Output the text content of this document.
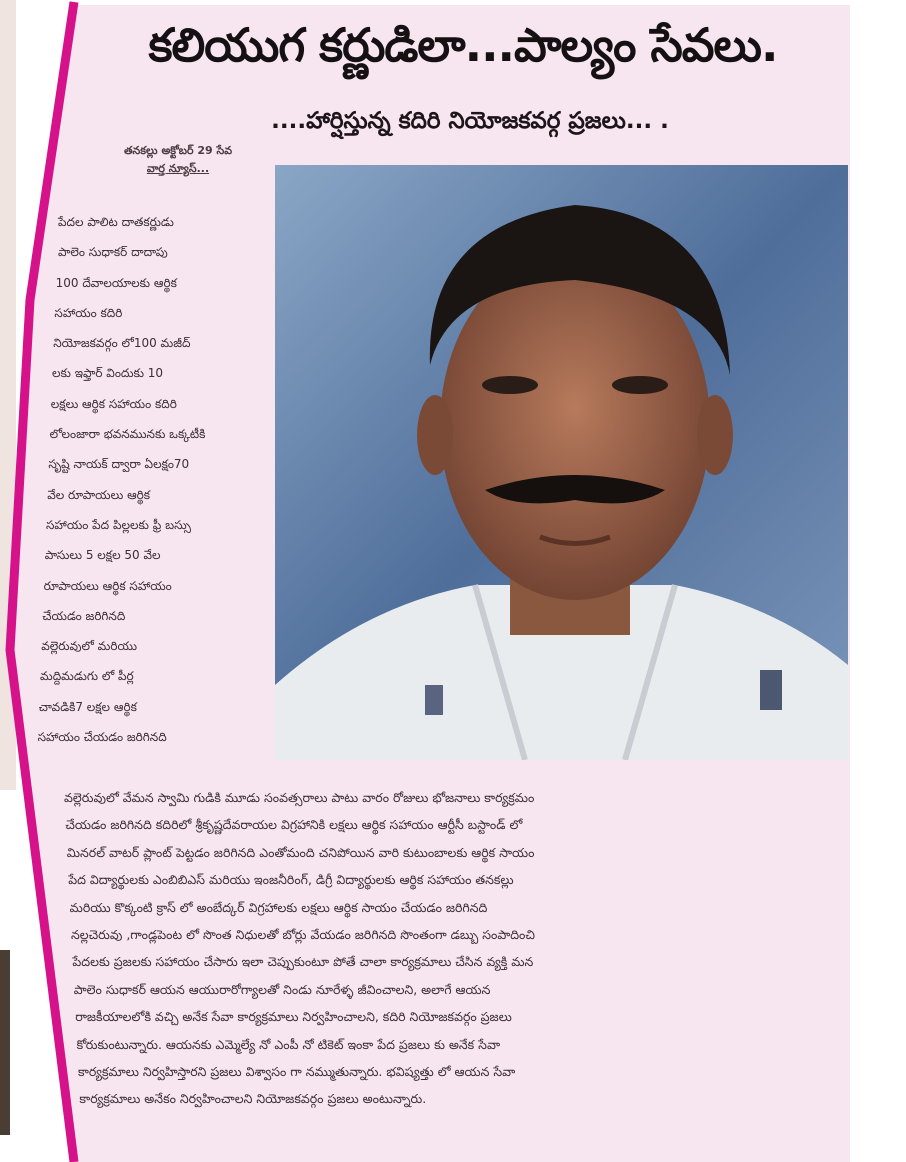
కలియుగ కర్ణుడిలా...పాల్యం సేవలు.
....హార్షిస్తున్న కదిరి నియోజకవర్గ ప్రజలు... .
తనకల్లు అక్టోబర్ 29 సేవ
వార్త న్యూస్...
పేదల పాలిట దాతకర్ణుడు
పాలెం సుధాకర్ దాదాపు
100 దేవాలయాలకు ఆర్థిక
సహాయం కదిరి
నియోజకవర్గం లో100 మజీద్
లకు ఇఫ్తార్ విందుకు 10
లక్షలు ఆర్థిక సహాయం కదిరి
లోలంజారా భవనమునకు ఒక్కటీకి
సృష్టి నాయక్ ద్వారా ఏలక్షం70
వేల రూపాయలు ఆర్థిక
సహాయం పేద పిల్లలకు ఫ్రీ బస్సు
పాసులు 5 లక్షల 50 వేల
రూపాయలు ఆర్థిక సహాయం
చేయడం జరిగినది
వల్లెరువులో మరియు
మద్దిమడుగు లో పీర్ల
చావడికి7 లక్షల ఆర్థిక
సహాయం చేయడం జరిగినది
వల్లెరువులో వేమన స్వామి గుడికి మూడు సంవత్సరాలు పాటు వారం రోజులు భోజనాలు కార్యక్రమం
చేయడం జరిగినది కదిరిలో శ్రీకృష్ణదేవరాయల విగ్రహానికి లక్షలు ఆర్థిక సహాయం ఆర్టీసీ బస్టాండ్ లో
మినరల్ వాటర్ ప్లాంట్ పెట్టడం జరిగినది ఎంతోమంది చనిపోయిన వారి కుటుంబాలకు ఆర్థిక సాయం
పేద విద్యార్థులకు ఎంబిబిఎస్ మరియు ఇంజనీరింగ్, డిగ్రీ విద్యార్థులకు ఆర్థిక సహాయం తనకల్లు
మరియు కొక్కంటి క్రాస్ లో అంబేద్కర్ విగ్రహాలకు లక్షలు ఆర్థిక సాయం చేయడం జరిగినది
నల్లచెరువు ,గాండ్లపెంట లో సొంత నిధులతో బోర్లు వేయడం జరిగినది సొంతంగా డబ్బు సంపాదించి
పేదలకు ప్రజలకు సహాయం చేసారు ఇలా చెప్పుకుంటూ పోతే చాలా కార్యక్రమాలు చేసిన వ్యక్తి మన
పాలెం సుధాకర్ ఆయన ఆయురారోగ్యాలతో నిండు నూరేళ్ళ జీవించాలని, అలాగే ఆయన
రాజకీయాలలోకి వచ్చి అనేక సేవా కార్యక్రమాలు నిర్వహించాలని, కదిరి నియోజకవర్గం ప్రజలు
కోరుకుంటున్నారు. ఆయనకు ఎమ్మెల్యే నో ఎంపీ నో టికెట్ ఇంకా పేద ప్రజలు కు అనేక సేవా
కార్యక్రమాలు నిర్వహిస్తారని ప్రజలు విశ్వాసం గా నమ్ముతున్నారు. భవిష్యత్తు లో ఆయన సేవా
కార్యక్రమాలు అనేకం నిర్వహించాలని నియోజకవర్గం ప్రజలు అంటున్నారు.
